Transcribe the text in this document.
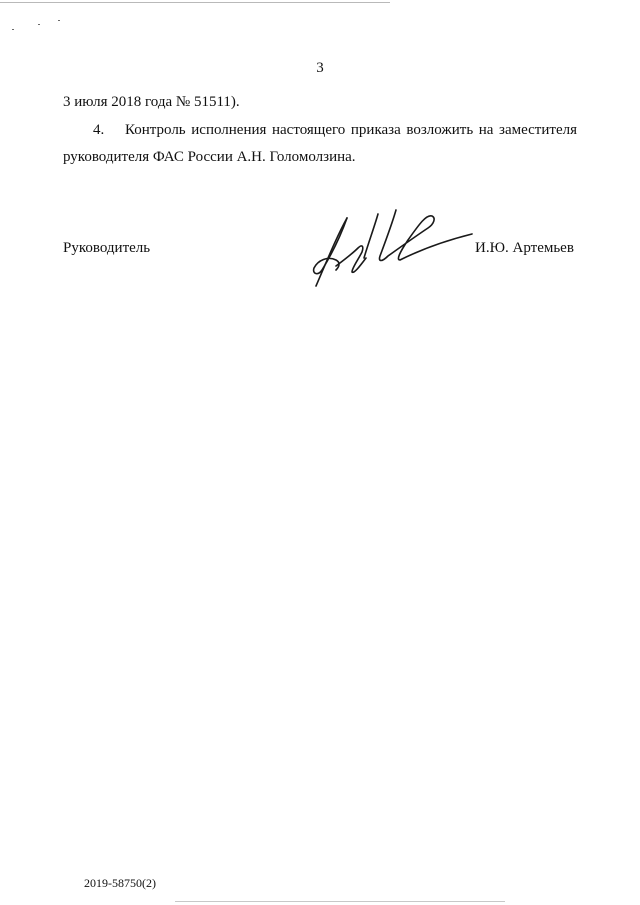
3
3 июля 2018 года № 51511).
4. Контроль исполнения настоящего приказа возложить на заместителя
руководителя ФАС России А.Н. Голомолзина.
Руководитель	И.Ю. Артемьев
2019-58750(2)
